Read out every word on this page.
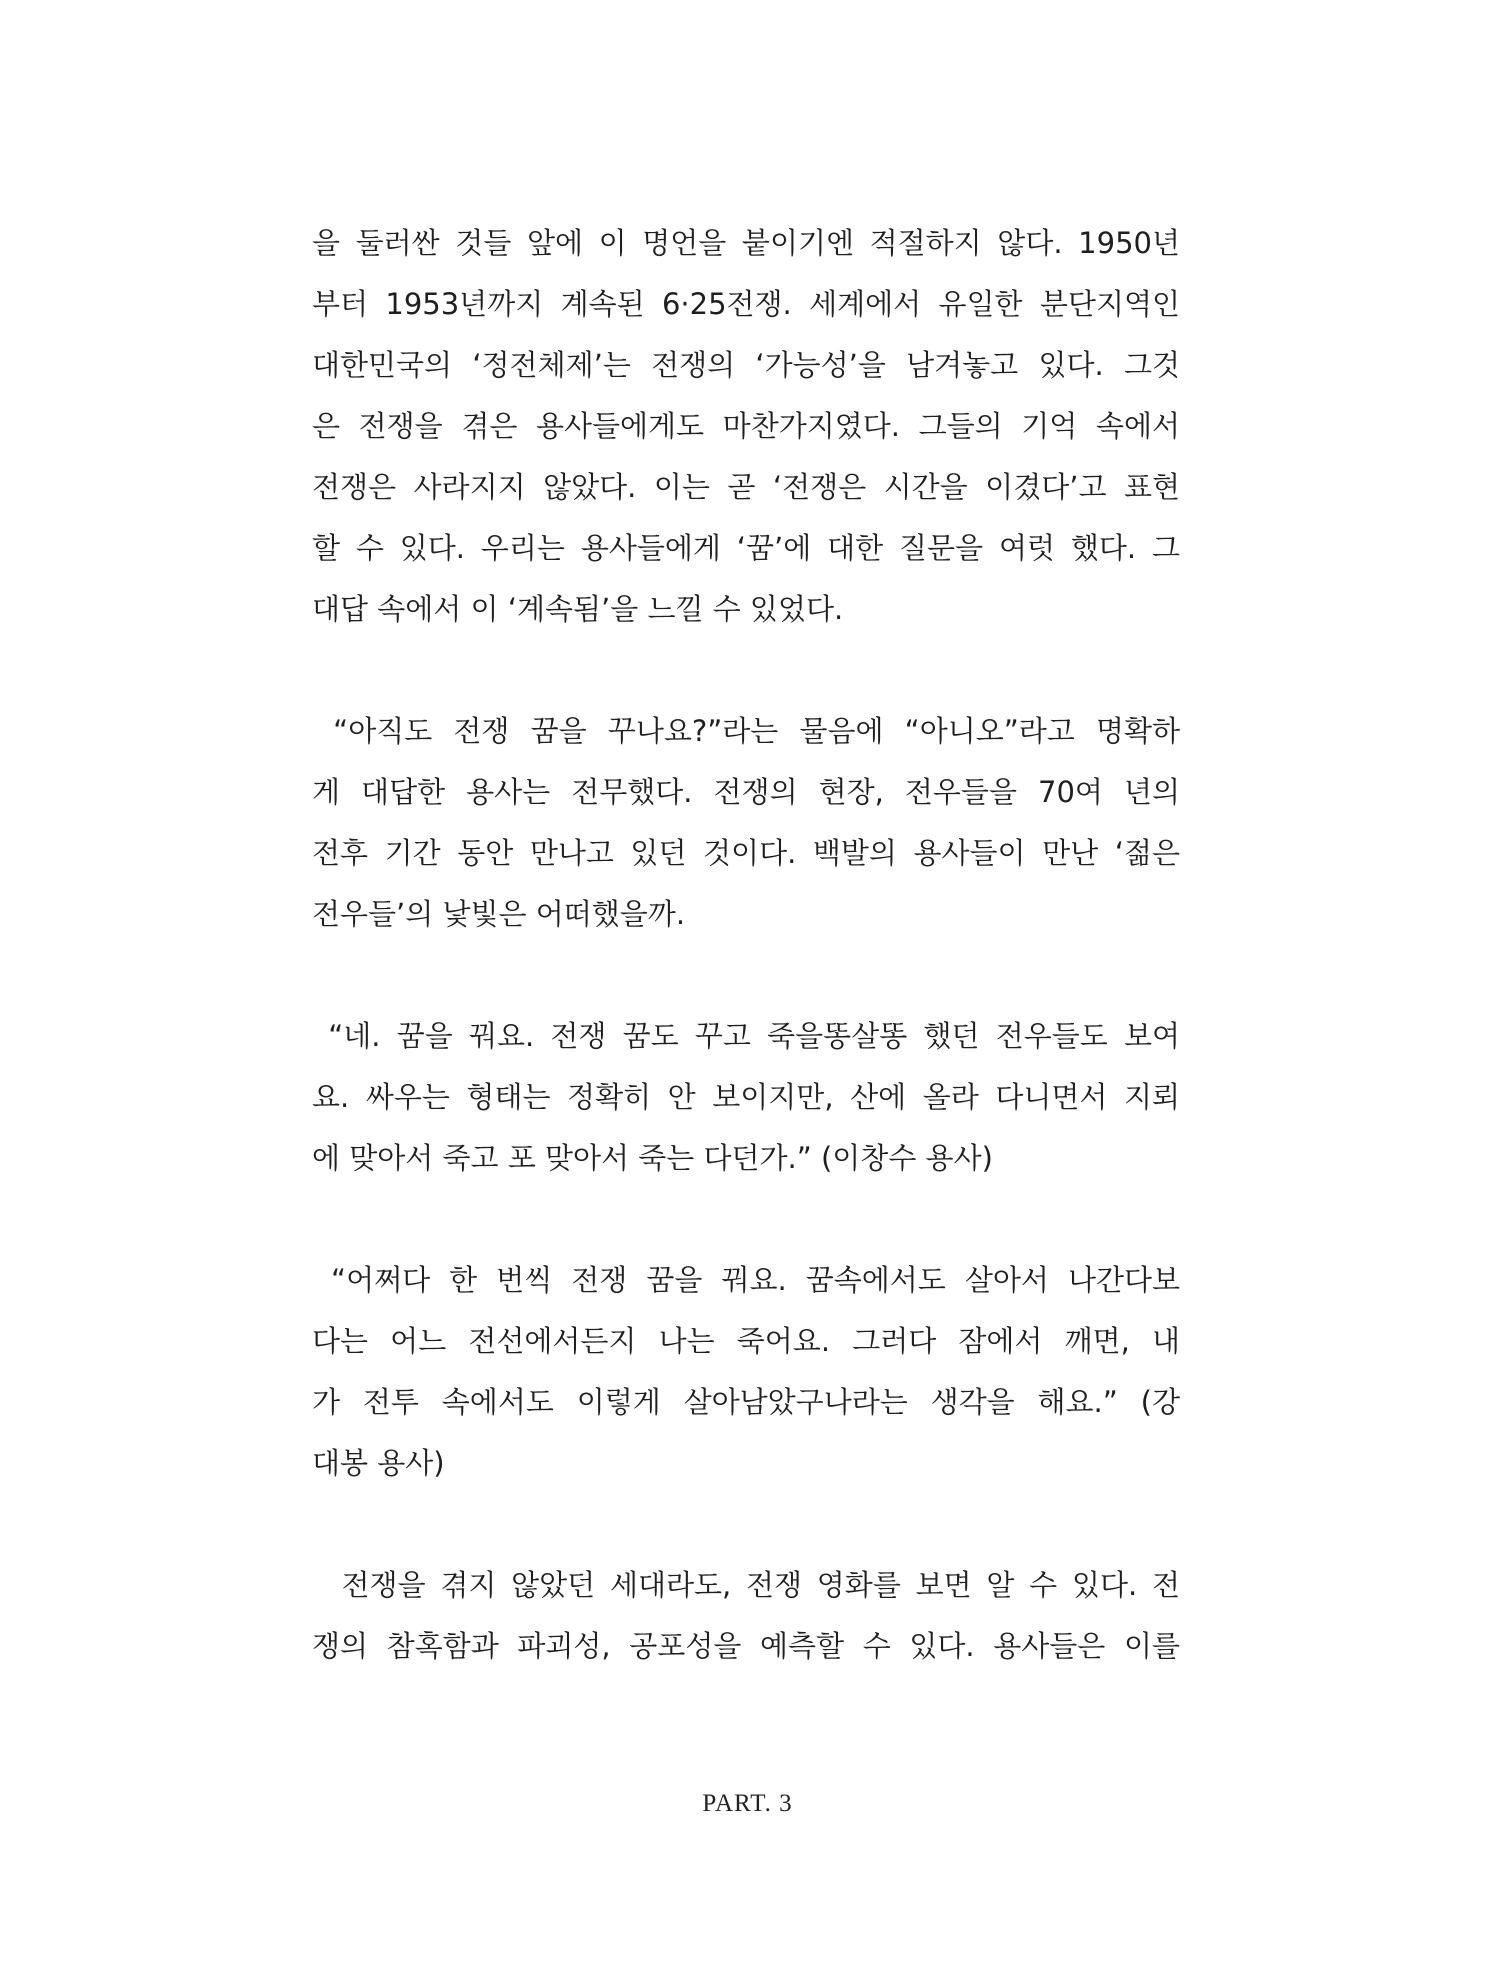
을 둘러싼 것들 앞에 이 명언을 붙이기엔 적절하지 않다. 1950년
부터 1953년까지 계속된 6·25전쟁. 세계에서 유일한 분단지역인
대한민국의 ‘정전체제’는 전쟁의 ‘가능성’을 남겨놓고 있다. 그것
은 전쟁을 겪은 용사들에게도 마찬가지였다. 그들의 기억 속에서
전쟁은 사라지지 않았다. 이는 곧 ‘전쟁은 시간을 이겼다’고 표현
할 수 있다. 우리는 용사들에게 ‘꿈’에 대한 질문을 여럿 했다. 그
대답 속에서 이 ‘계속됨’을 느낄 수 있었다.

“아직도 전쟁 꿈을 꾸나요?”라는 물음에 “아니오”라고 명확하
게 대답한 용사는 전무했다. 전쟁의 현장, 전우들을 70여 년의
전후 기간 동안 만나고 있던 것이다. 백발의 용사들이 만난 ‘젊은
전우들’의 낯빛은 어떠했을까.

“네. 꿈을 꿔요. 전쟁 꿈도 꾸고 죽을똥살똥 했던 전우들도 보여
요. 싸우는 형태는 정확히 안 보이지만, 산에 올라 다니면서 지뢰
에 맞아서 죽고 포 맞아서 죽는 다던가.” (이창수 용사)

“어쩌다 한 번씩 전쟁 꿈을 꿔요. 꿈속에서도 살아서 나간다보
다는 어느 전선에서든지 나는 죽어요. 그러다 잠에서 깨면, 내
가 전투 속에서도 이렇게 살아남았구나라는 생각을 해요.” (강
대봉 용사)

전쟁을 겪지 않았던 세대라도, 전쟁 영화를 보면 알 수 있다. 전
쟁의 참혹함과 파괴성, 공포성을 예측할 수 있다. 용사들은 이를

PART. 3
